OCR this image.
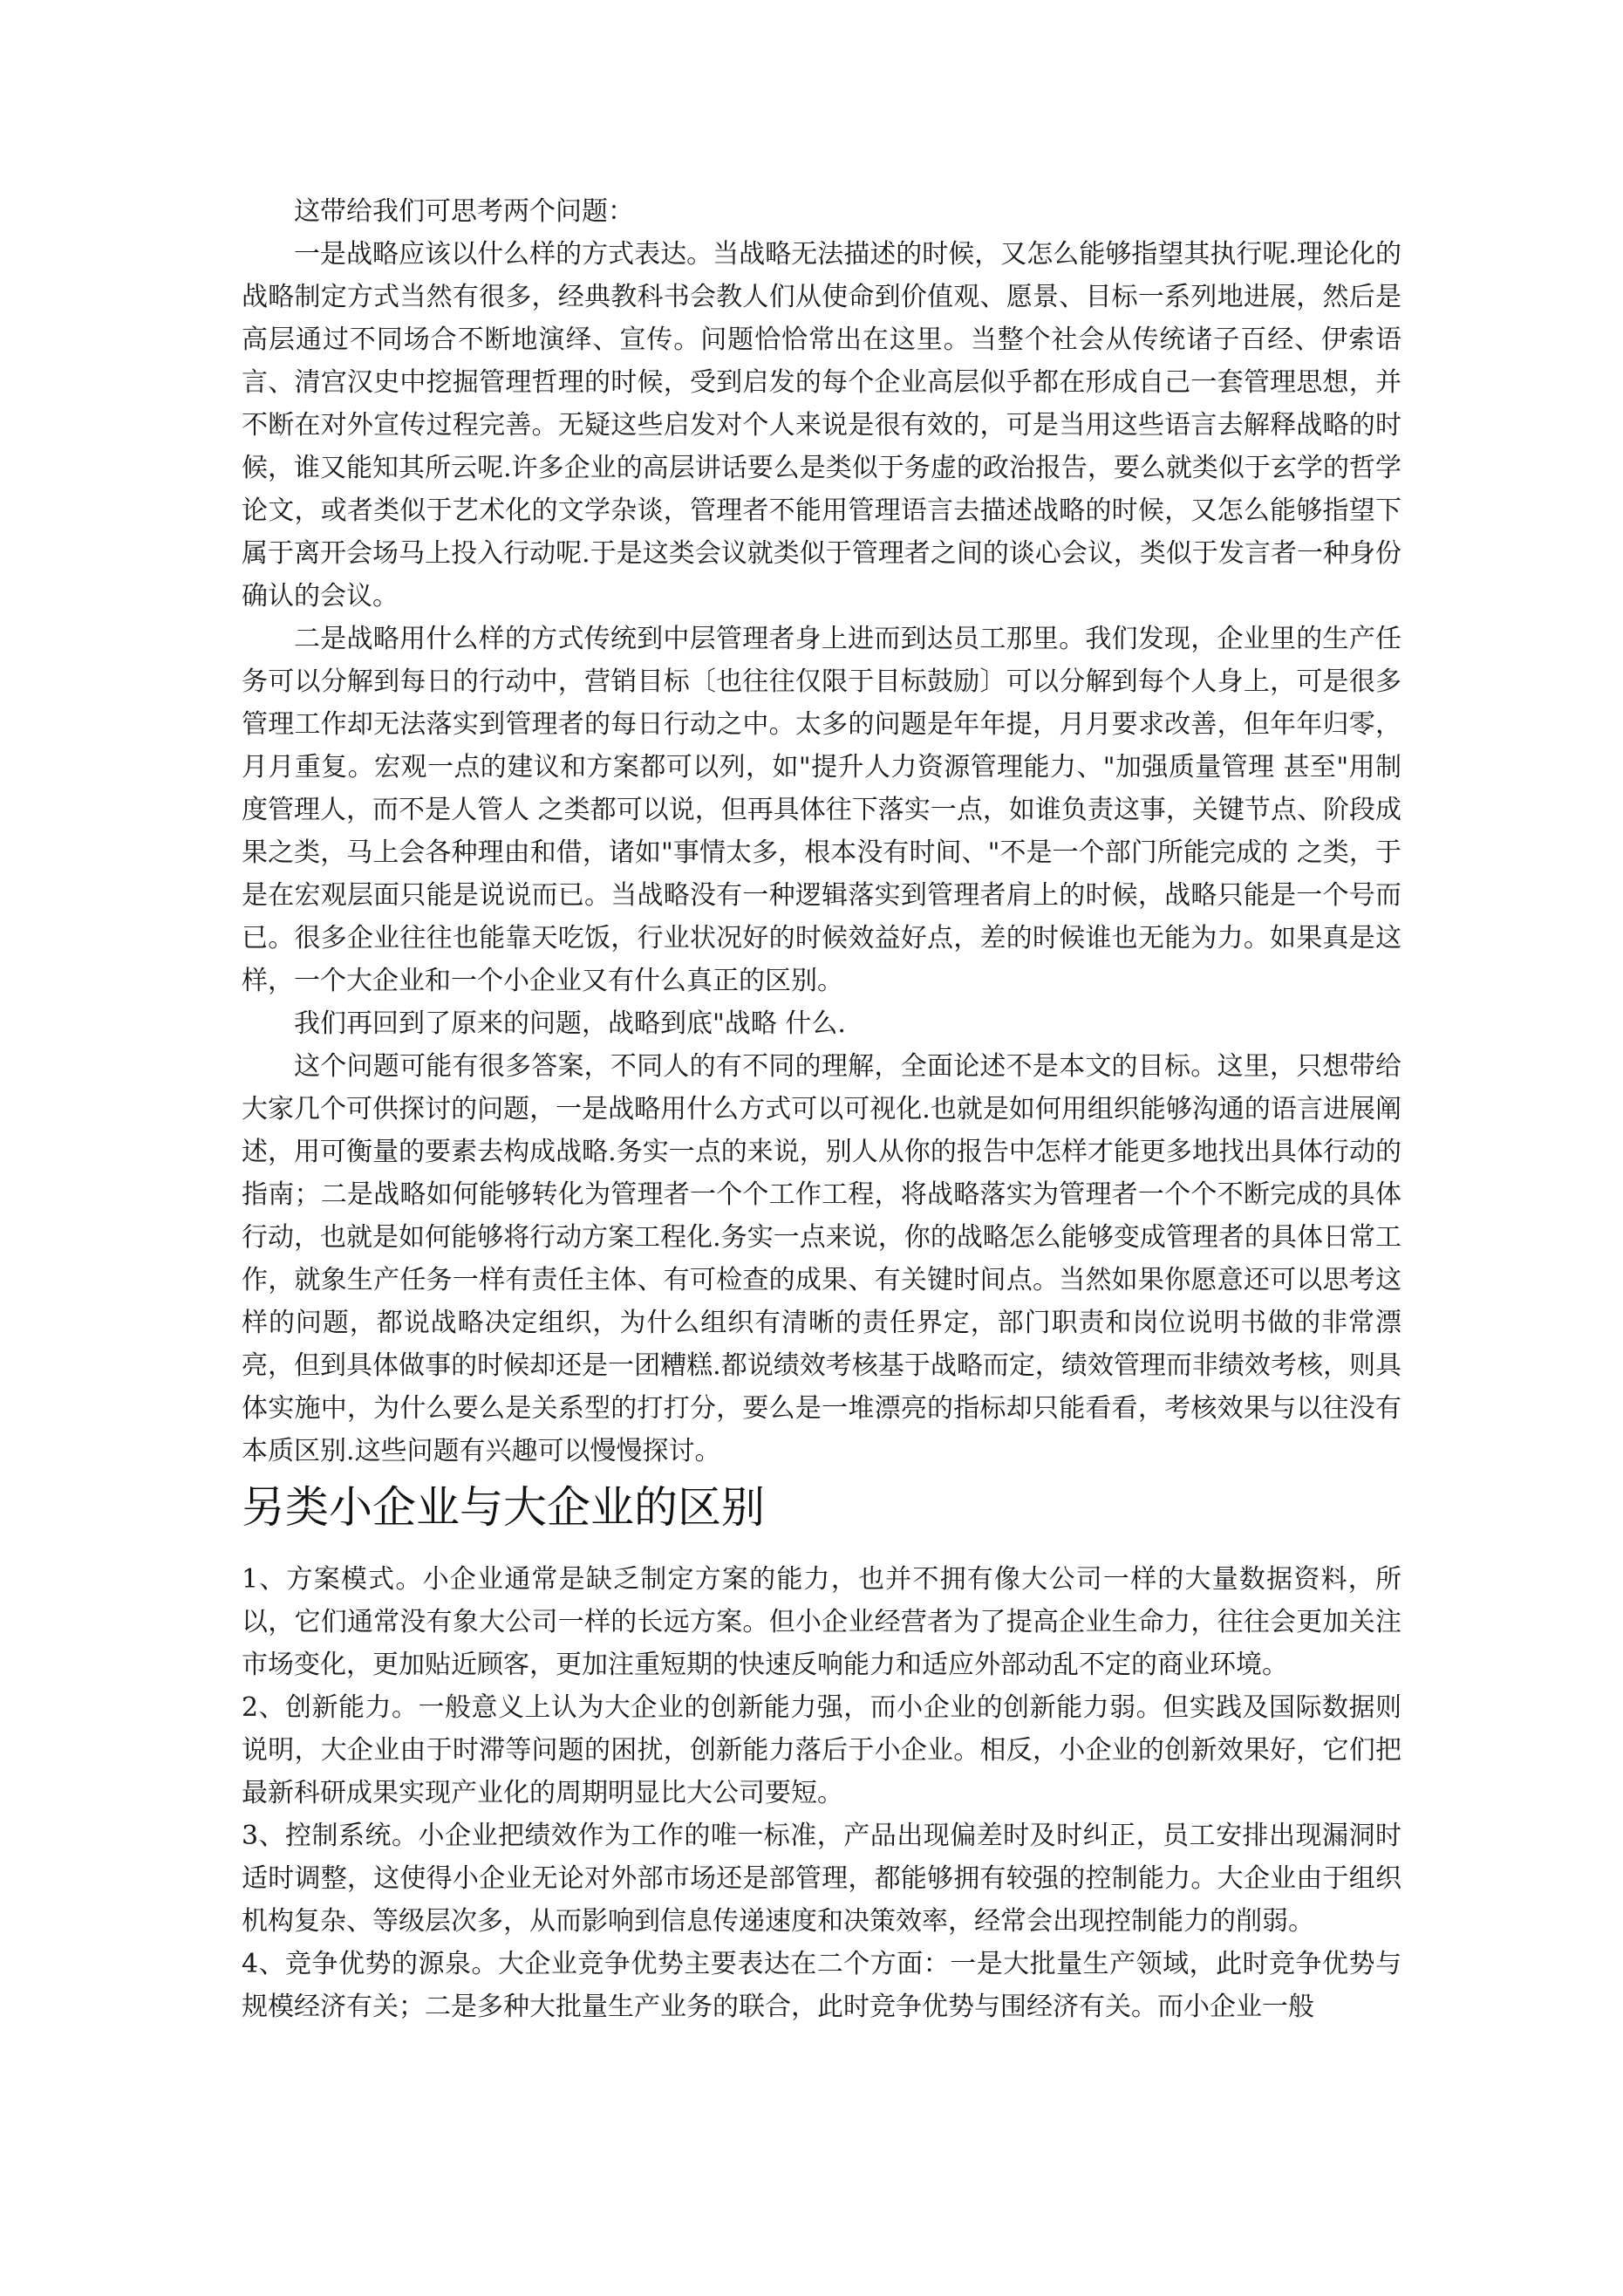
这带给我们可思考两个问题：

一是战略应该以什么样的方式表达。当战略无法描述的时候，又怎么能够指望其执行呢.理论化的战略制定方式当然有很多，经典教科书会教人们从使命到价值观、愿景、目标一系列地进展，然后是高层通过不同场合不断地演绎、宣传。问题恰恰常出在这里。当整个社会从传统诸子百经、伊索语言、清宫汉史中挖掘管理哲理的时候，受到启发的每个企业高层似乎都在形成自己一套管理思想，并不断在对外宣传过程完善。无疑这些启发对个人来说是很有效的，可是当用这些语言去解释战略的时候，谁又能知其所云呢.许多企业的高层讲话要么是类似于务虚的政治报告，要么就类似于玄学的哲学论文，或者类似于艺术化的文学杂谈，管理者不能用管理语言去描述战略的时候，又怎么能够指望下属于离开会场马上投入行动呢.于是这类会议就类似于管理者之间的谈心会议，类似于发言者一种身份确认的会议。

二是战略用什么样的方式传统到中层管理者身上进而到达员工那里。我们发现，企业里的生产任务可以分解到每日的行动中，营销目标〔也往往仅限于目标鼓励〕可以分解到每个人身上，可是很多管理工作却无法落实到管理者的每日行动之中。太多的问题是年年提，月月要求改善，但年年归零，月月重复。宏观一点的建议和方案都可以列，如"提升人力资源管理能力、"加强质量管理 甚至"用制度管理人，而不是人管人 之类都可以说，但再具体往下落实一点，如谁负责这事，关键节点、阶段成果之类，马上会各种理由和借，诸如"事情太多，根本没有时间、"不是一个部门所能完成的 之类，于是在宏观层面只能是说说而已。当战略没有一种逻辑落实到管理者肩上的时候，战略只能是一个号而已。很多企业往往也能靠天吃饭，行业状况好的时候效益好点，差的时候谁也无能为力。如果真是这样，一个大企业和一个小企业又有什么真正的区别。

我们再回到了原来的问题，战略到底"战略 什么.

这个问题可能有很多答案，不同人的有不同的理解，全面论述不是本文的目标。这里，只想带给大家几个可供探讨的问题，一是战略用什么方式可以可视化.也就是如何用组织能够沟通的语言进展阐述，用可衡量的要素去构成战略.务实一点的来说，别人从你的报告中怎样才能更多地找出具体行动的指南；二是战略如何能够转化为管理者一个个工作工程，将战略落实为管理者一个个不断完成的具体行动，也就是如何能够将行动方案工程化.务实一点来说，你的战略怎么能够变成管理者的具体日常工作，就象生产任务一样有责任主体、有可检查的成果、有关键时间点。当然如果你愿意还可以思考这样的问题，都说战略决定组织，为什么组织有清晰的责任界定，部门职责和岗位说明书做的非常漂亮，但到具体做事的时候却还是一团糟糕.都说绩效考核基于战略而定，绩效管理而非绩效考核，则具体实施中，为什么要么是关系型的打打分，要么是一堆漂亮的指标却只能看看，考核效果与以往没有本质区别.这些问题有兴趣可以慢慢探讨。

另类小企业与大企业的区别

1、方案模式。小企业通常是缺乏制定方案的能力，也并不拥有像大公司一样的大量数据资料，所以，它们通常没有象大公司一样的长远方案。但小企业经营者为了提高企业生命力，往往会更加关注市场变化，更加贴近顾客，更加注重短期的快速反响能力和适应外部动乱不定的商业环境。

2、创新能力。一般意义上认为大企业的创新能力强，而小企业的创新能力弱。但实践及国际数据则说明，大企业由于时滞等问题的困扰，创新能力落后于小企业。相反，小企业的创新效果好，它们把最新科研成果实现产业化的周期明显比大公司要短。

3、控制系统。小企业把绩效作为工作的唯一标准，产品出现偏差时及时纠正，员工安排出现漏洞时适时调整，这使得小企业无论对外部市场还是部管理，都能够拥有较强的控制能力。大企业由于组织机构复杂、等级层次多，从而影响到信息传递速度和决策效率，经常会出现控制能力的削弱。

4、竞争优势的源泉。大企业竞争优势主要表达在二个方面：一是大批量生产领域，此时竞争优势与规模经济有关；二是多种大批量生产业务的联合，此时竞争优势与围经济有关。而小企业一般
